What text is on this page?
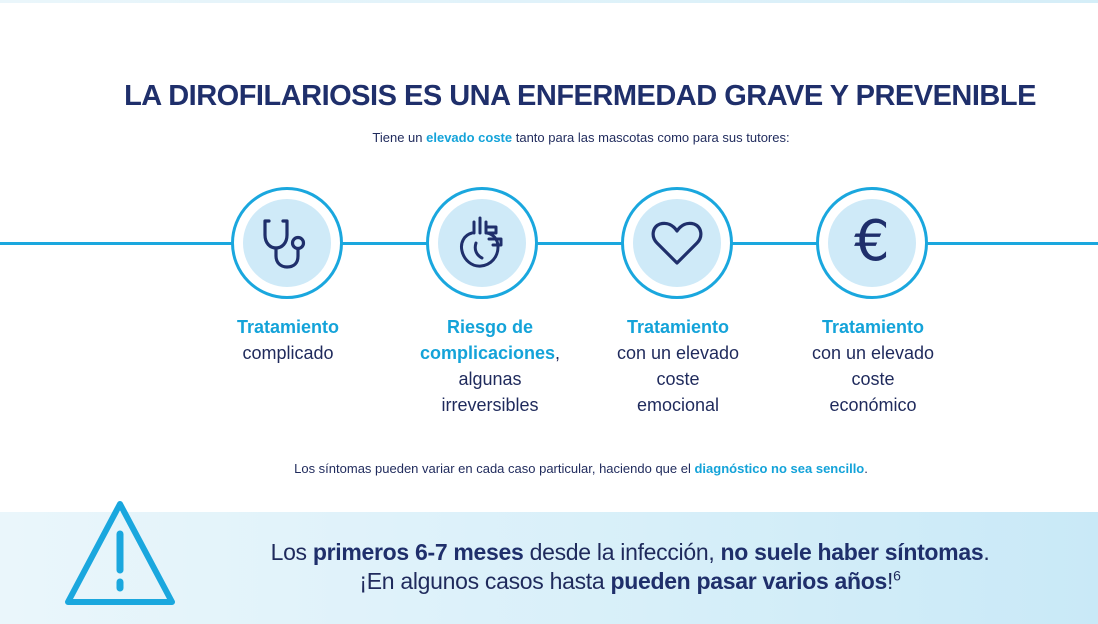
LA DIROFILARIOSIS ES UNA ENFERMEDAD GRAVE Y PREVENIBLE
Tiene un elevado coste tanto para las mascotas como para sus tutores:
€
Tratamiento
complicado
Riesgo de
complicaciones,
algunas
irreversibles
Tratamiento
con un elevado
coste
emocional
Tratamiento
con un elevado
coste
económico
Los síntomas pueden variar en cada caso particular, haciendo que el diagnóstico no sea sencillo.
Los primeros 6-7 meses desde la infección, no suele haber síntomas.
¡En algunos casos hasta pueden pasar varios años!$^6$
